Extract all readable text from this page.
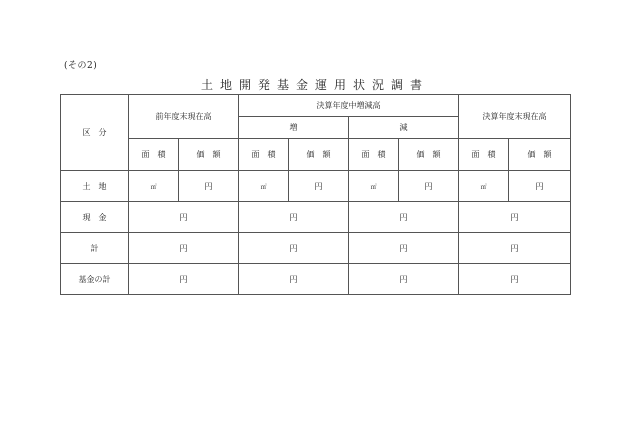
(その2)
土地開発基金運用状況調書
区　分	前年度末現在高		決算年度中増減高				決算年度末現在高	
			増		減			
	面　積	価　額	面　積	価　額	面　積	価　額	面　積	価　額
土　地	㎡	円	㎡	円	㎡	円	㎡	円
現　金	円		円		円		円	
計	円		円		円		円	
基金の計	円		円		円		円	
